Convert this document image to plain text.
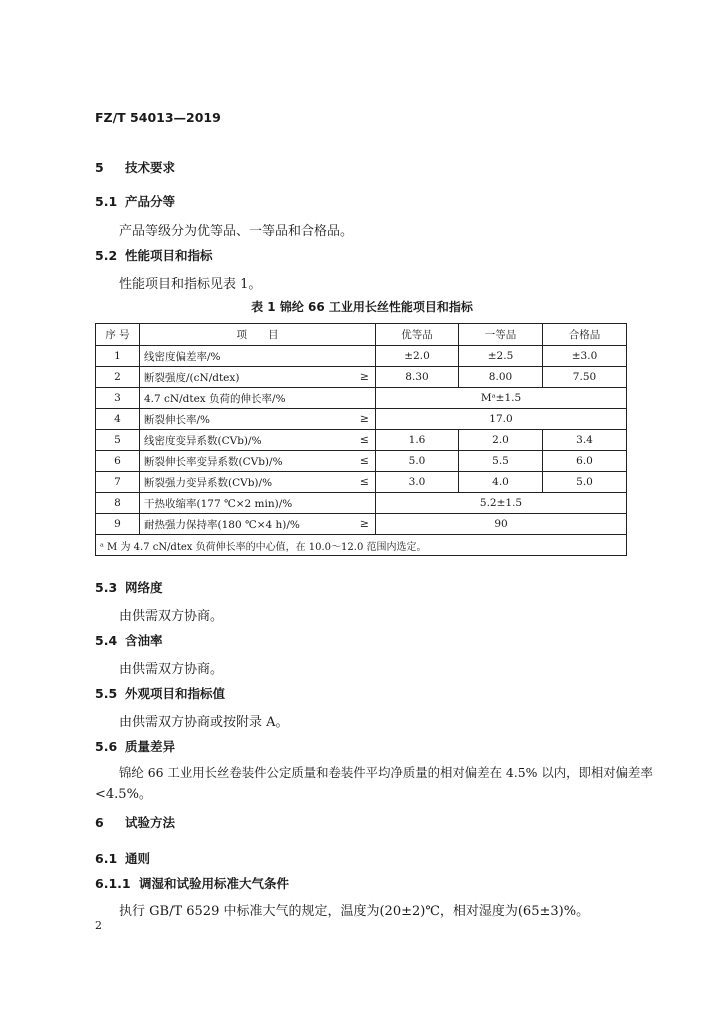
FZ/T 54013—2019
5 技术要求
5.1 产品分等
产品等级分为优等品、一等品和合格品。
5.2 性能项目和指标
性能项目和指标见表 1。
表 1 锦纶 66 工业用长丝性能项目和指标
序 号	项　　目	优等品	一等品	合格品
1	线密度偏差率/%	±2.0	±2.5	±3.0
2	断裂强度/(cN/dtex) ≥	8.30	8.00	7.50
3	4.7 cN/dtex 负荷的伸长率/%	Mᵃ±1.5		
4	断裂伸长率/% ≥	17.0		
5	线密度变异系数(CVb)/% ≤	1.6	2.0	3.4
6	断裂伸长率变异系数(CVb)/% ≤	5.0	5.5	6.0
7	断裂强力变异系数(CVb)/% ≤	3.0	4.0	5.0
8	干热收缩率(177 ℃×2 min)/%	5.2±1.5		
9	耐热强力保持率(180 ℃×4 h)/% ≥	90		
ᵃ M 为 4.7 cN/dtex 负荷伸长率的中心值，在 10.0～12.0 范围内选定。				
5.3 网络度
由供需双方协商。
5.4 含油率
由供需双方协商。
5.5 外观项目和指标值
由供需双方协商或按附录 A。
5.6 质量差异
锦纶 66 工业用长丝卷装件公定质量和卷装件平均净质量的相对偏差在 4.5% 以内，即相对偏差率
<4.5%。
6 试验方法
6.1 通则
6.1.1 调湿和试验用标准大气条件
执行 GB/T 6529 中标准大气的规定，温度为(20±2)℃，相对湿度为(65±3)%。
2
